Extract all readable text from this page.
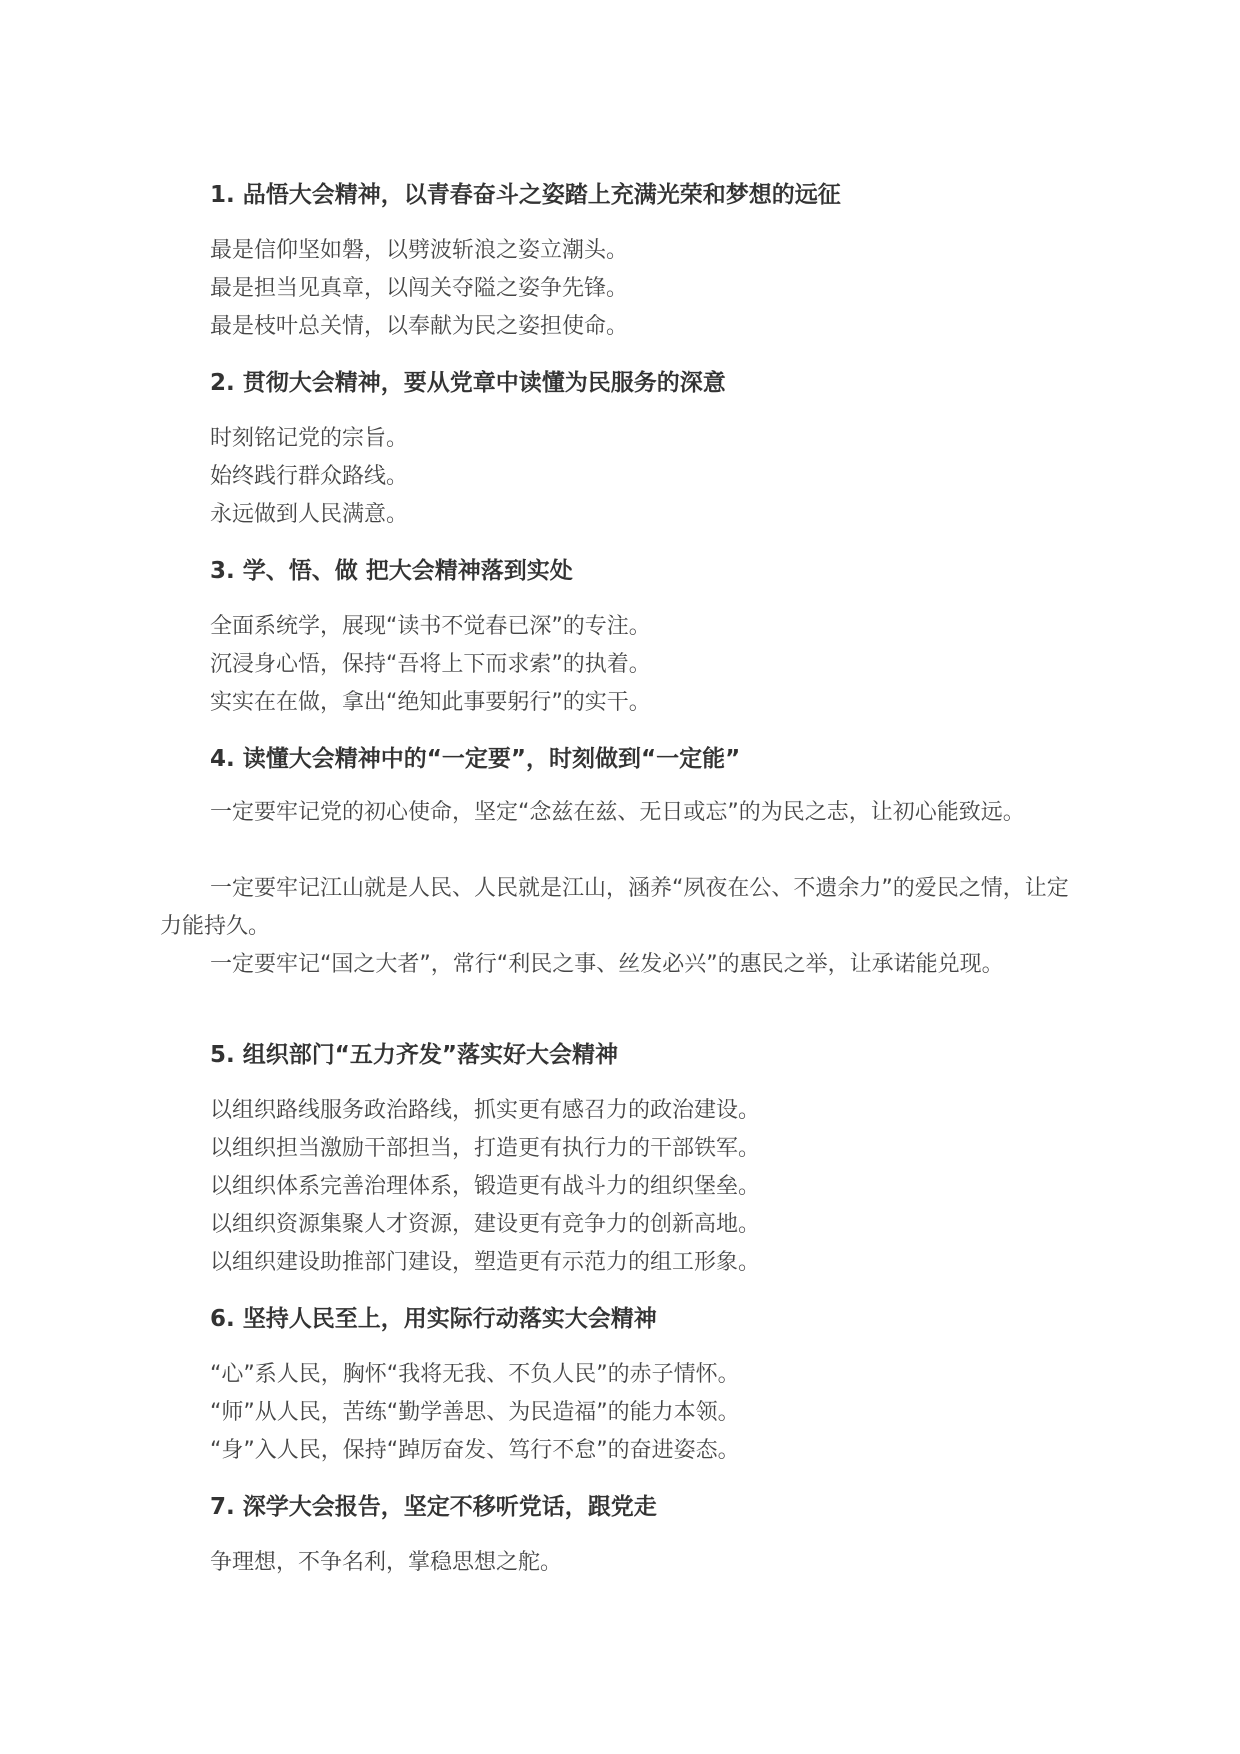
1. 品悟大会精神，以青春奋斗之姿踏上充满光荣和梦想的远征
最是信仰坚如磐，以劈波斩浪之姿立潮头。
最是担当见真章，以闯关夺隘之姿争先锋。
最是枝叶总关情，以奉献为民之姿担使命。
2. 贯彻大会精神，要从党章中读懂为民服务的深意
时刻铭记党的宗旨。
始终践行群众路线。
永远做到人民满意。
3. 学、悟、做 把大会精神落到实处
全面系统学，展现“读书不觉春已深”的专注。
沉浸身心悟，保持“吾将上下而求索”的执着。
实实在在做，拿出“绝知此事要躬行”的实干。
4. 读懂大会精神中的“一定要”，时刻做到“一定能”
一定要牢记党的初心使命，坚定“念兹在兹、无日或忘”的为民之志，让初心能致远。
一定要牢记江山就是人民、人民就是江山，涵养“夙夜在公、不遗余力”的爱民之情，让定力能持久。
一定要牢记“国之大者”，常行“利民之事、丝发必兴”的惠民之举，让承诺能兑现。
5. 组织部门“五力齐发”落实好大会精神
以组织路线服务政治路线，抓实更有感召力的政治建设。
以组织担当激励干部担当，打造更有执行力的干部铁军。
以组织体系完善治理体系，锻造更有战斗力的组织堡垒。
以组织资源集聚人才资源，建设更有竞争力的创新高地。
以组织建设助推部门建设，塑造更有示范力的组工形象。
6. 坚持人民至上，用实际行动落实大会精神
“心”系人民，胸怀“我将无我、不负人民”的赤子情怀。
“师”从人民，苦练“勤学善思、为民造福”的能力本领。
“身”入人民，保持“踔厉奋发、笃行不怠”的奋进姿态。
7. 深学大会报告，坚定不移听党话，跟党走
争理想，不争名利，掌稳思想之舵。
